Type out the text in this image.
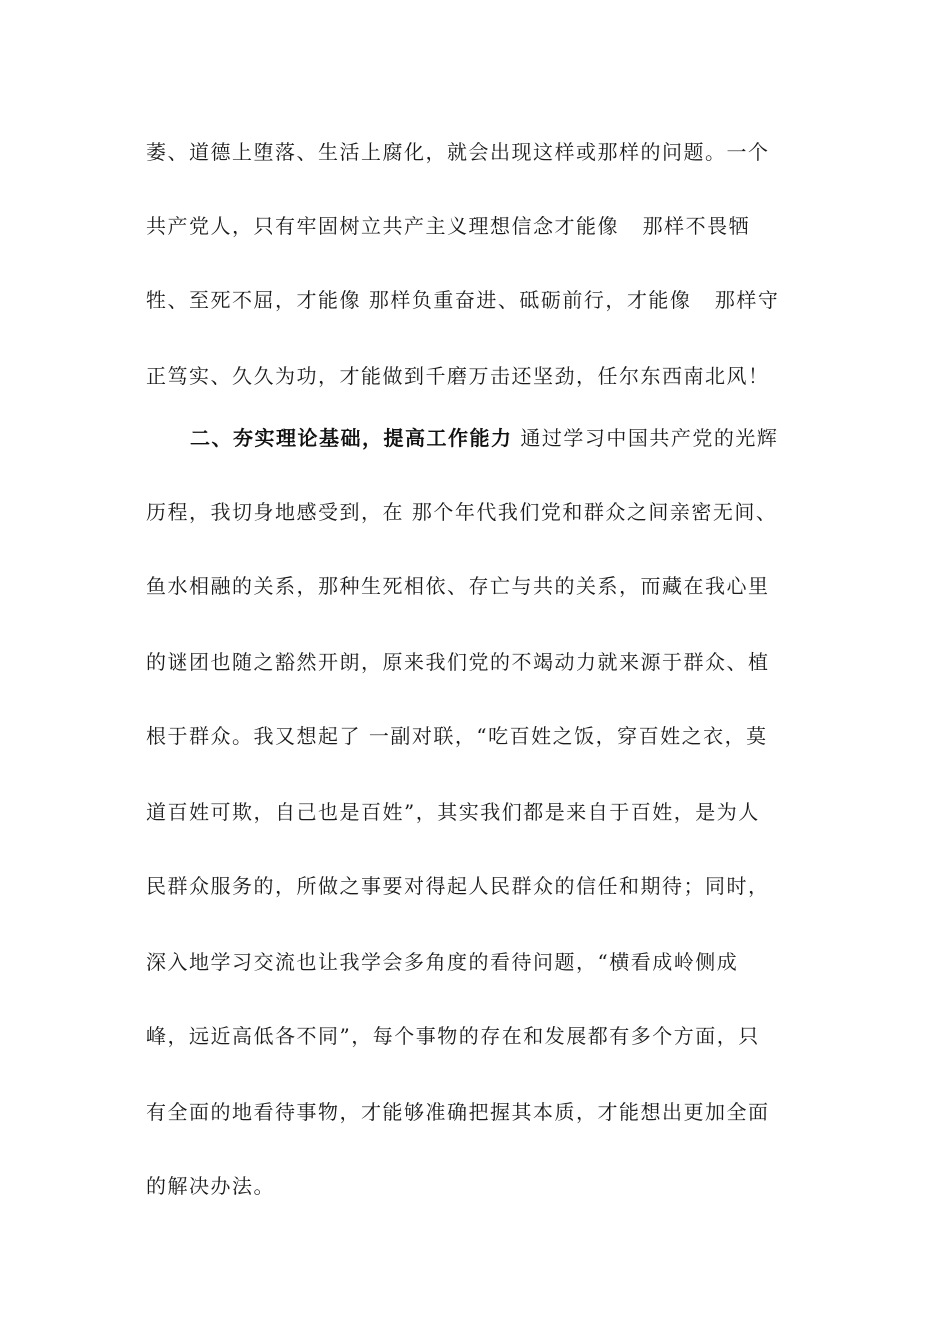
萎、道德上堕落、生活上腐化，就会出现这样或那样的问题。一个
共产党人，只有牢固树立共产主义理想信念才能像   那样不畏牺
牲、至死不屈，才能像 那样负重奋进、砥砺前行，才能像   那样守
正笃实、久久为功，才能做到千磨万击还坚劲，任尔东西南北风！
二、夯实理论基础，提高工作能力 通过学习中国共产党的光辉
历程，我切身地感受到，在 那个年代我们党和群众之间亲密无间、
鱼水相融的关系，那种生死相依、存亡与共的关系，而藏在我心里
的谜团也随之豁然开朗，原来我们党的不竭动力就来源于群众、植
根于群众。我又想起了 一副对联，“吃百姓之饭，穿百姓之衣，莫
道百姓可欺，自己也是百姓”，其实我们都是来自于百姓，是为人
民群众服务的，所做之事要对得起人民群众的信任和期待；同时，
深入地学习交流也让我学会多角度的看待问题，“横看成岭侧成
峰，远近高低各不同”，每个事物的存在和发展都有多个方面，只
有全面的地看待事物，才能够准确把握其本质，才能想出更加全面
的解决办法。
